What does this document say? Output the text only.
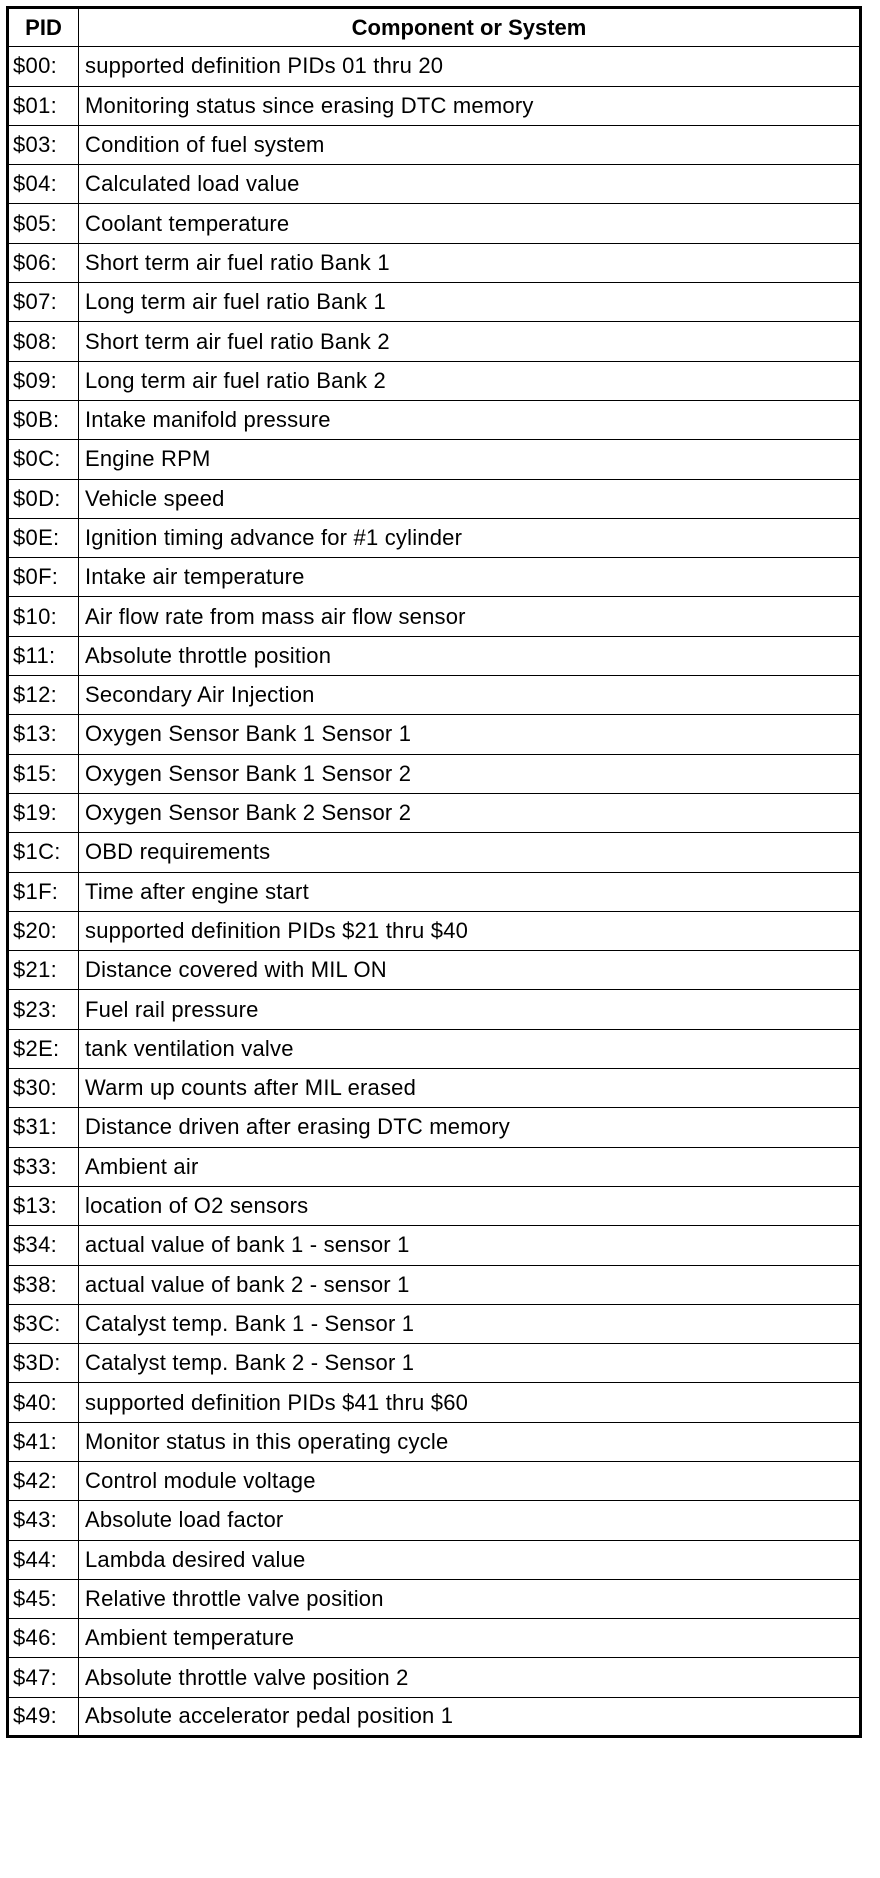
PID	Component or System
$00:	supported definition PIDs 01 thru 20
$01:	Monitoring status since erasing DTC memory
$03:	Condition of fuel system
$04:	Calculated load value
$05:	Coolant temperature
$06:	Short term air fuel ratio Bank 1
$07:	Long term air fuel ratio Bank 1
$08:	Short term air fuel ratio Bank 2
$09:	Long term air fuel ratio Bank 2
$0B:	Intake manifold pressure
$0C:	Engine RPM
$0D:	Vehicle speed
$0E:	Ignition timing advance for #1 cylinder
$0F:	Intake air temperature
$10:	Air flow rate from mass air flow sensor
$11:	Absolute throttle position
$12:	Secondary Air Injection
$13:	Oxygen Sensor Bank 1 Sensor 1
$15:	Oxygen Sensor Bank 1 Sensor 2
$19:	Oxygen Sensor Bank 2 Sensor 2
$1C:	OBD requirements
$1F:	Time after engine start
$20:	supported definition PIDs $21 thru $40
$21:	Distance covered with MIL ON
$23:	Fuel rail pressure
$2E:	tank ventilation valve
$30:	Warm up counts after MIL erased
$31:	Distance driven after erasing DTC memory
$33:	Ambient air
$13:	location of O2 sensors
$34:	actual value of bank 1 - sensor 1
$38:	actual value of bank 2 - sensor 1
$3C:	Catalyst temp. Bank 1 - Sensor 1
$3D:	Catalyst temp. Bank 2 - Sensor 1
$40:	supported definition PIDs $41 thru $60
$41:	Monitor status in this operating cycle
$42:	Control module voltage
$43:	Absolute load factor
$44:	Lambda desired value
$45:	Relative throttle valve position
$46:	Ambient temperature
$47:	Absolute throttle valve position 2
$49:	Absolute accelerator pedal position 1
